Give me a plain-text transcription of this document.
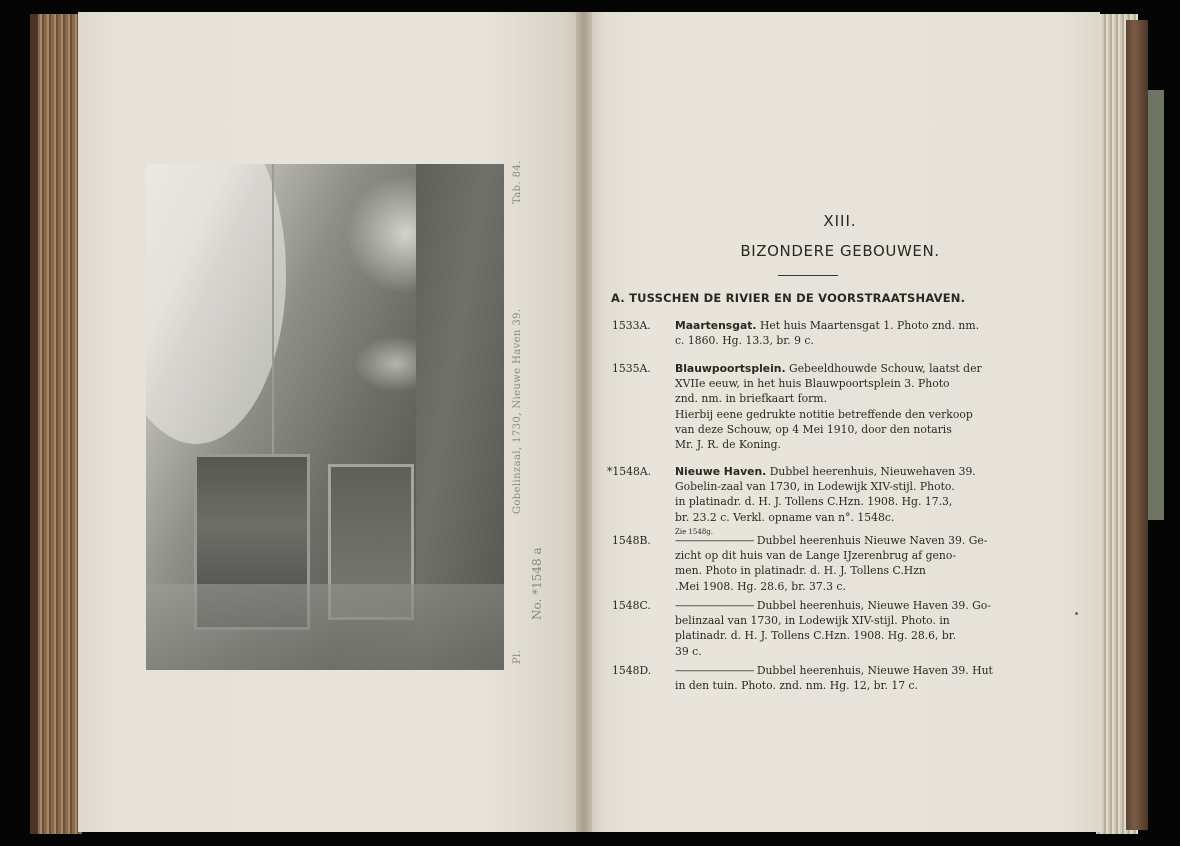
Pl.
Gobelinzaal, 1730, Nieuwe Haven 39.
Tab. 84.
No. *1548 a
XIII.
BIZONDERE GEBOUWEN.
A. TUSSCHEN DE RIVIER EN DE VOORSTRAATSHAVEN.
1533A.	Maartensgat. Het huis Maartensgat 1. Photo znd. nm.
c. 1860. Hg. 13.3, br. 9 c.
1535A.	Blauwpoortsplein. Gebeeldhouwde Schouw, laatst der
XVIIe eeuw, in het huis Blauwpoortsplein 3. Photo
znd. nm. in briefkaart form.
Hierbij eene gedrukte notitie betreffende den verkoop
van deze Schouw, op 4 Mei 1910, door den notaris
Mr. J. R. de Koning.
*1548A.	Nieuwe Haven. Dubbel heerenhuis, Nieuwehaven 39.
Gobelin-zaal van 1730, in Lodewijk XIV-stijl. Photo.
in platinadr. d. H. J. Tollens C.Hzn. 1908. Hg. 17.3,
br. 23.2 c. Verkl. opname van n°. 1548c.
Zie 1548g.
1548B.	———————— Dubbel heerenhuis Nieuwe Naven 39. Ge-
zicht op dit huis van de Lange IJzerenbrug af geno-
men. Photo in platinadr. d. H. J. Tollens C.Hzn
.Mei 1908. Hg. 28.6, br. 37.3 c.
1548C.	———————— Dubbel heerenhuis, Nieuwe Haven 39. Go-
belinzaal van 1730, in Lodewijk XIV-stijl. Photo. in
platinadr. d. H. J. Tollens C.Hzn. 1908. Hg. 28.6, br.
39 c.
1548D.	———————— Dubbel heerenhuis, Nieuwe Haven 39. Hut
in den tuin. Photo. znd. nm. Hg. 12, br. 17 c.
